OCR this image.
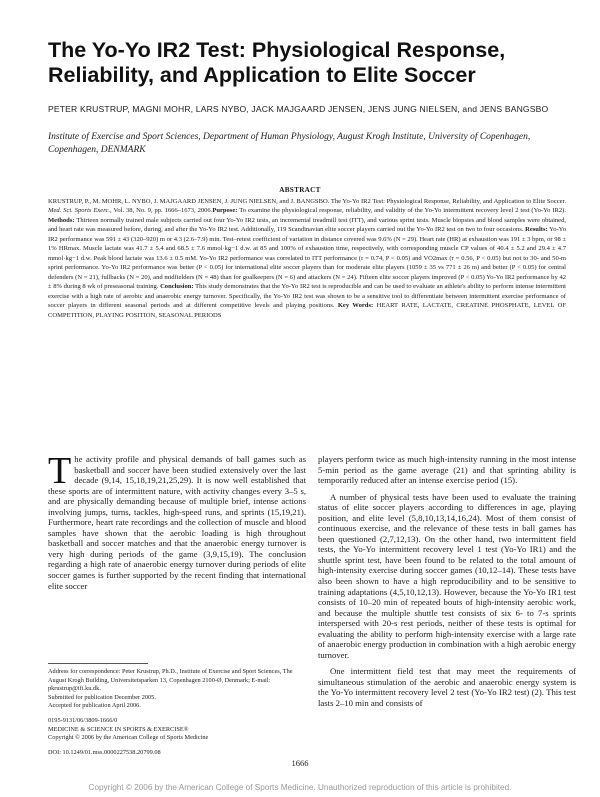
The Yo-Yo IR2 Test: Physiological Response, Reliability, and Application to Elite Soccer
PETER KRUSTRUP, MAGNI MOHR, LARS NYBO, JACK MAJGAARD JENSEN, JENS JUNG NIELSEN, and JENS BANGSBO
Institute of Exercise and Sport Sciences, Department of Human Physiology, August Krogh Institute, University of Copenhagen, Copenhagen, DENMARK
ABSTRACT
KRUSTRUP, P., M. MOHR, L. NYBO, J. MAJGAARD JENSEN, J. JUNG NIELSEN, and J. BANGSBO. The Yo-Yo IR2 Test: Physiological Response, Reliability, and Application to Elite Soccer. Med. Sci. Sports Exerc., Vol. 38, No. 9, pp. 1666–1673, 2006.Purpose: To examine the physiological response, reliability, and validity of the Yo-Yo intermittent recovery level 2 test (Yo-Yo IR2). Methods: Thirteen normally trained male subjects carried out four Yo-Yo IR2 tests, an incremental treadmill test (ITT), and various sprint tests. Muscle biopsies and blood samples were obtained, and heart rate was measured before, during, and after the Yo-Yo IR2 test. Additionally, 119 Scandinavian elite soccer players carried out the Yo-Yo IR2 test on two to four occasions. Results: Yo-Yo IR2 performance was 591 ± 43 (320–920) m or 4.3 (2.6–7.9) min. Test–retest coefficient of variation in distance covered was 9.6% (N = 29). Heart rate (HR) at exhaustion was 191 ± 3 bpm, or 98 ± 1% HRmax. Muscle lactate was 41.7 ± 5.4 and 68.5 ± 7.6 mmol·kg−1 d.w. at 85 and 100% of exhaustion time, respectively, with corresponding muscle CP values of 40.4 ± 5.2 and 29.4 ± 4.7 mmol·kg−1 d.w. Peak blood lactate was 13.6 ± 0.5 mM. Yo-Yo IR2 performance was correlated to ITT performance (r = 0.74, P < 0.05) and VO2max (r = 0.56, P < 0.05) but not to 30- and 50-m sprint performance. Yo-Yo IR2 performance was better (P < 0.05) for international elite soccer players than for moderate elite players (1059 ± 35 vs 771 ± 26 m) and better (P < 0.05) for central defenders (N = 21), fullbacks (N = 20), and midfielders (N = 48) than for goalkeepers (N = 6) and attackers (N = 24). Fifteen elite soccer players improved (P < 0.05) Yo-Yo IR2 performance by 42 ± 8% during 8 wk of preseasonal training. Conclusion: This study demonstrates that the Yo-Yo IR2 test is reproducible and can be used to evaluate an athlete's ability to perform intense intermittent exercise with a high rate of aerobic and anaerobic energy turnover. Specifically, the Yo-Yo IR2 test was shown to be a sensitive tool to differentiate between intermittent exercise performance of soccer players in different seasonal periods and at different competitive levels and playing positions. Key Words: HEART RATE, LACTATE, CREATINE PHOSPHATE, LEVEL OF COMPETITION, PLAYING POSITION, SEASONAL PERIODS

The activity profile and physical demands of ball games such as basketball and soccer have been studied extensively over the last decade (9,14, 15,18,19,21,25,29). It is now well established that these sports are of intermittent nature, with activity changes every 3–5 s, and are physically demanding because of multiple brief, intense actions involving jumps, turns, tackles, high-speed runs, and sprints (15,19,21). Furthermore, heart rate recordings and the collection of muscle and blood samples have shown that the aerobic loading is high throughout basketball and soccer matches and that the anaerobic energy turnover is very high during periods of the game (3,9,15,19). The conclusion regarding a high rate of anaerobic energy turnover during periods of elite soccer games is further supported by the recent finding that international elite soccer

players perform twice as much high-intensity running in the most intense 5-min period as the game average (21) and that sprinting ability is temporarily reduced after an intense exercise period (15).

A number of physical tests have been used to evaluate the training status of elite soccer players according to differences in age, playing position, and elite level (5,8,10,13,14,16,24). Most of them consist of continuous exercise, and the relevance of these tests in ball games has been questioned (2,7,12,13). On the other hand, two intermittent field tests, the Yo-Yo intermittent recovery level 1 test (Yo-Yo IR1) and the shuttle sprint test, have been found to be related to the total amount of high-intensity exercise during soccer games (10,12–14). These tests have also been shown to have a high reproducibility and to be sensitive to training adaptations (4,5,10,12,13). However, because the Yo-Yo IR1 test consists of 10–20 min of repeated bouts of high-intensity aerobic work, and because the multiple shuttle test consists of six 6- to 7-s sprints interspersed with 20-s rest periods, neither of these tests is optimal for evaluating the ability to perform high-intensity exercise with a large rate of anaerobic energy production in combination with a high aerobic energy turnover.

One intermittent field test that may meet the requirements of simultaneous stimulation of the aerobic and anaerobic energy system is the Yo-Yo intermittent recovery level 2 test (Yo-Yo IR2 test) (2). This test lasts 2–10 min and consists of

Address for correspondence: Peter Krustrup, Ph.D., Institute of Exercise and Sport Sciences, The August Krogh Building, Universitetsparken 13, Copenhagen 2100-Ø, Denmark; E-mail: pkrustrup@ifi.ku.dk.
Submitted for publication December 2005.
Accepted for publication April 2006.
0195-9131/06/3809-1666/0
MEDICINE & SCIENCE IN SPORTS & EXERCISE®
Copyright © 2006 by the American College of Sports Medicine
DOI: 10.1249/01.mss.0000227538.20799.08
1666
Copyright © 2006 by the American College of Sports Medicine. Unauthorized reproduction of this article is prohibited.
